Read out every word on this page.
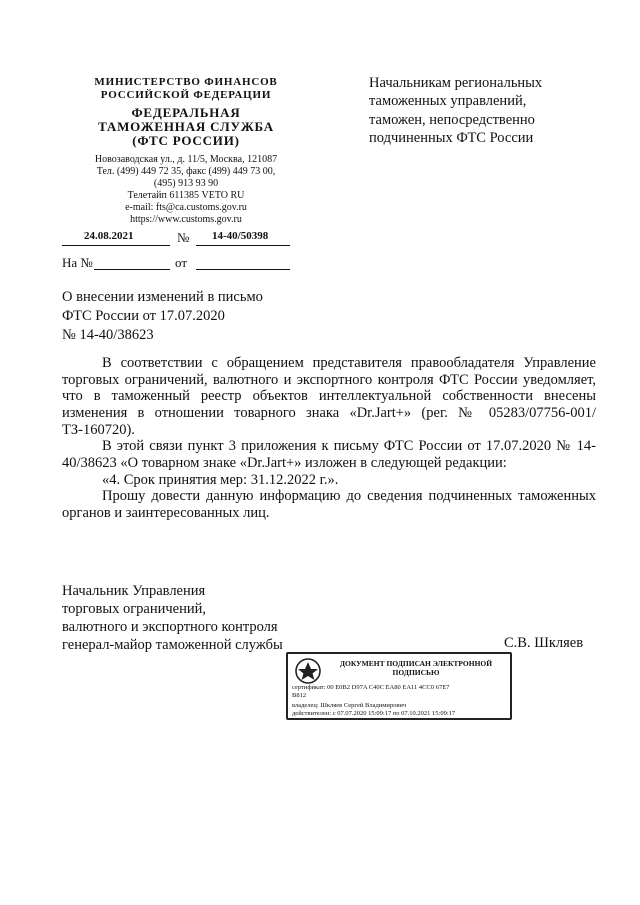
МИНИСТЕРСТВО ФИНАНСОВ
РОССИЙСКОЙ ФЕДЕРАЦИИ
ФЕДЕРАЛЬНАЯ
ТАМОЖЕННАЯ СЛУЖБА
(ФТС РОССИИ)
Новозаводская ул., д. 11/5, Москва, 121087
Тел. (499) 449 72 35, факс (499) 449 73 00,
(495) 913 93 90
Телетайп 611385 VETO RU
e-mail: fts@ca.customs.gov.ru
https://www.customs.gov.ru
24.08.2021	№ 14-40/50398
На №	от
Начальникам региональных
таможенных управлений,
таможен, непосредственно
подчиненных ФТС России
О внесении изменений в письмо
ФТС России от 17.07.2020
№ 14-40/38623

В соответствии с обращением представителя правообладателя Управление торговых ограничений, валютного и экспортного контроля ФТС России уведомляет, что в таможенный реестр объектов интеллектуальной собственности внесены изменения в отношении товарного знака «Dr.Jart+» (рег. № 05283/07756-001/ТЗ-160720).

В этой связи пункт 3 приложения к письму ФТС России от 17.07.2020 № 14-40/38623 «О товарном знаке «Dr.Jart+» изложен в следующей редакции:

«4. Срок принятия мер: 31.12.2022 г.».

Прошу довести данную информацию до сведения подчиненных таможенных органов и заинтересованных лиц.

Начальник Управления
торговых ограничений,
валютного и экспортного контроля
генерал-майор таможенной службы	С.В. Шкляев
ДОКУМЕНТ ПОДПИСАН ЭЛЕКТРОННОЙ
ПОДПИСЬЮ
сертификат: 00 E0B2 D97A C40C EA80 EA11 4CC0 67E7
B812
владелец: Шкляев Сергей Владимирович
действителен: с 07.07.2020 15:09:17 по 07.10.2021 15:09:17
